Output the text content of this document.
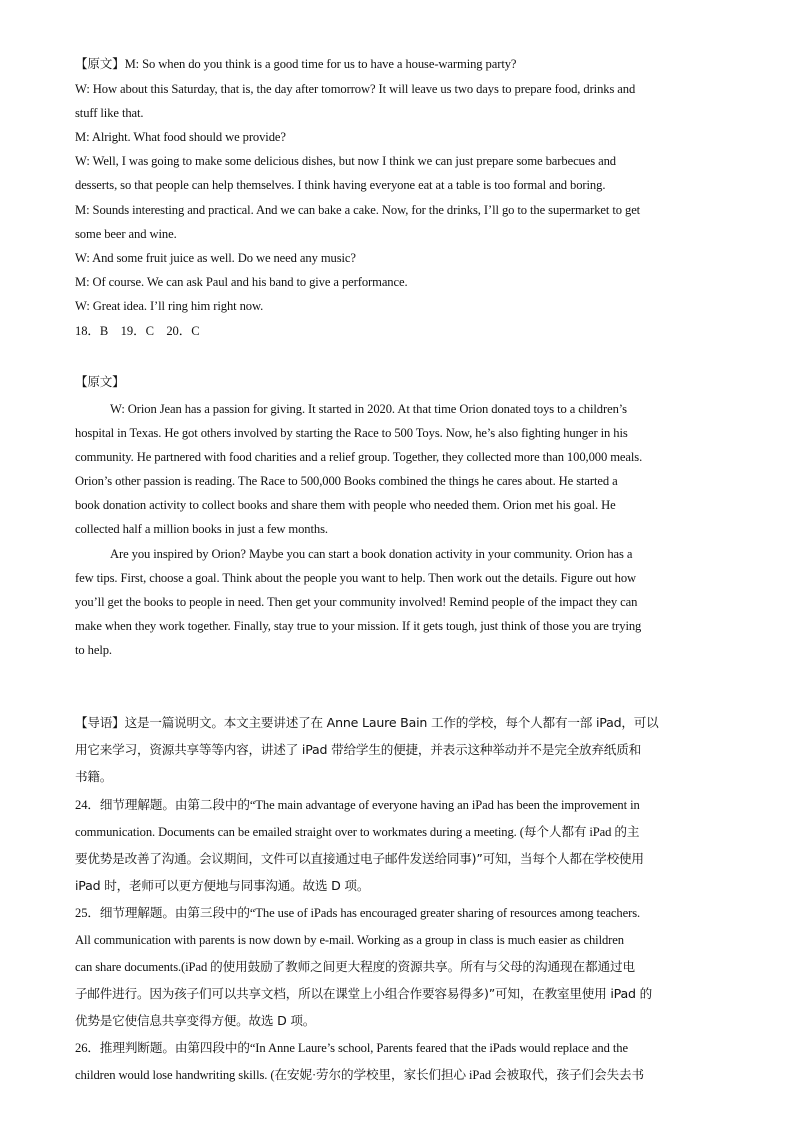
【原文】M: So when do you think is a good time for us to have a house-warming party?
W: How about this Saturday, that is, the day after tomorrow? It will leave us two days to prepare food, drinks and
stuff like that.
M: Alright. What food should we provide?
W: Well, I was going to make some delicious dishes, but now I think we can just prepare some barbecues and
desserts, so that people can help themselves. I think having everyone eat at a table is too formal and boring.
M: Sounds interesting and practical. And we can bake a cake. Now, for the drinks, I’ll go to the supermarket to get
some beer and wine.
W: And some fruit juice as well. Do we need any music?
M: Of course. We can ask Paul and his band to give a performance.
W: Great idea. I’ll ring him right now.
18．B　19．C　20．C
【原文】
W: Orion Jean has a passion for giving. It started in 2020. At that time Orion donated toys to a children’s
hospital in Texas. He got others involved by starting the Race to 500 Toys. Now, he’s also fighting hunger in his
community. He partnered with food charities and a relief group. Together, they collected more than 100,000 meals.
Orion’s other passion is reading. The Race to 500,000 Books combined the things he cares about. He started a
book donation activity to collect books and share them with people who needed them. Orion met his goal. He
collected half a million books in just a few months.
Are you inspired by Orion? Maybe you can start a book donation activity in your community. Orion has a
few tips. First, choose a goal. Think about the people you want to help. Then work out the details. Figure out how
you’ll get the books to people in need. Then get your community involved! Remind people of the impact they can
make when they work together. Finally, stay true to your mission. If it gets tough, just think of those you are trying
to help.
【导语】这是一篇说明文。本文主要讲述了在 Anne Laure Bain 工作的学校，每个人都有一部 iPad，可以
用它来学习，资源共享等等内容，讲述了 iPad 带给学生的便捷，并表示这种举动并不是完全放弃纸质和
书籍。
24．细节理解题。由第二段中的“The main advantage of everyone having an iPad has been the improvement in
communication. Documents can be emailed straight over to workmates during a meeting. (每个人都有 iPad 的主
要优势是改善了沟通。会议期间，文件可以直接通过电子邮件发送给同事)”可知，当每个人都在学校使用
iPad 时，老师可以更方便地与同事沟通。故选 D 项。
25．细节理解题。由第三段中的“The use of iPads has encouraged greater sharing of resources among teachers.
All communication with parents is now down by e-mail. Working as a group in class is much easier as children
can share documents.(iPad 的使用鼓励了教师之间更大程度的资源共享。所有与父母的沟通现在都通过电
子邮件进行。因为孩子们可以共享文档，所以在课堂上小组合作要容易得多)”可知，在教室里使用 iPad 的
优势是它使信息共享变得方便。故选 D 项。
26．推理判断题。由第四段中的“In Anne Laure’s school, Parents feared that the iPads would replace and the
children would lose handwriting skills. (在安妮·劳尔的学校里，家长们担心 iPad 会被取代，孩子们会失去书
